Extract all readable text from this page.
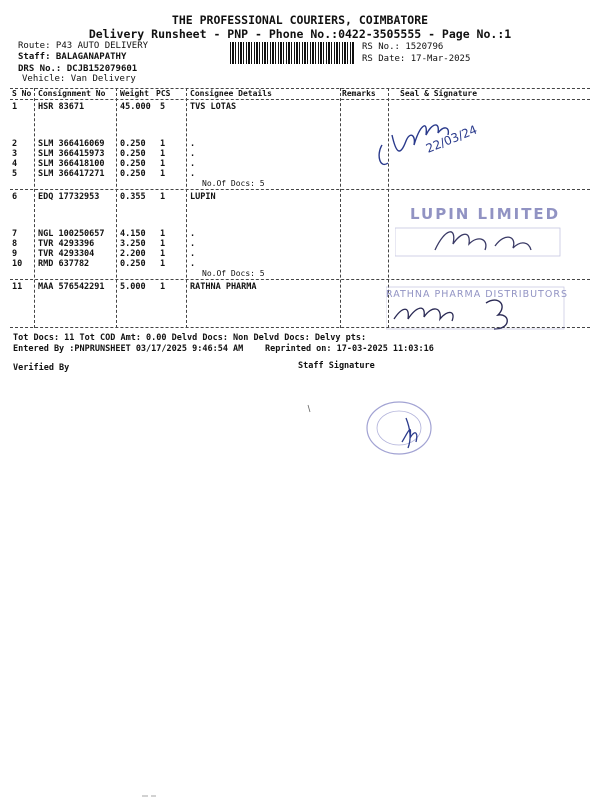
THE PROFESSIONAL COURIERS, COIMBATORE
Delivery Runsheet - PNP - Phone No.:0422-3505555 - Page No.:1
Route: P43 AUTO DELIVERY
Staff: BALAGANAPATHY
DRS No.: DCJB152079601
Vehicle: Van Delivery
RS No.: 1520796
RS Date: 17-Mar-2025
S No Consignment No Weight PCS Consignee Details	Remarks	Seal & Signature
1 HSR 83671	45.000 5	TVS LOTAS
2 SLM 366416069 0.250 1	.
3 SLM 366415973 0.250 1	.
4 SLM 366418100 0.250 1	.
5 SLM 366417271 0.250 1	.
No.Of Docs: 5
6 EDQ 17732953 0.355 1	LUPIN
7 NGL 100250657 4.150 1	.
8 TVR 4293396	3.250 1	.
9 TVR 4293304	2.200 1	.
10 RMD 637782	0.250 1	.
No.Of Docs: 5
11 MAA 576542291 5.000 1	RATHNA PHARMA
22/03/24
LUPIN LIMITED
RATHNA PHARMA DISTRIBUTORS
Tot Docs: 11 Tot COD Amt: 0.00 Delvd Docs: Non Delvd Docs: Delvy pts:
Entered By :PNPRUNSHEET 03/17/2025 9:46:54 AM	Reprinted on: 17-03-2025 11:03:16
Verified By	Staff Signature
